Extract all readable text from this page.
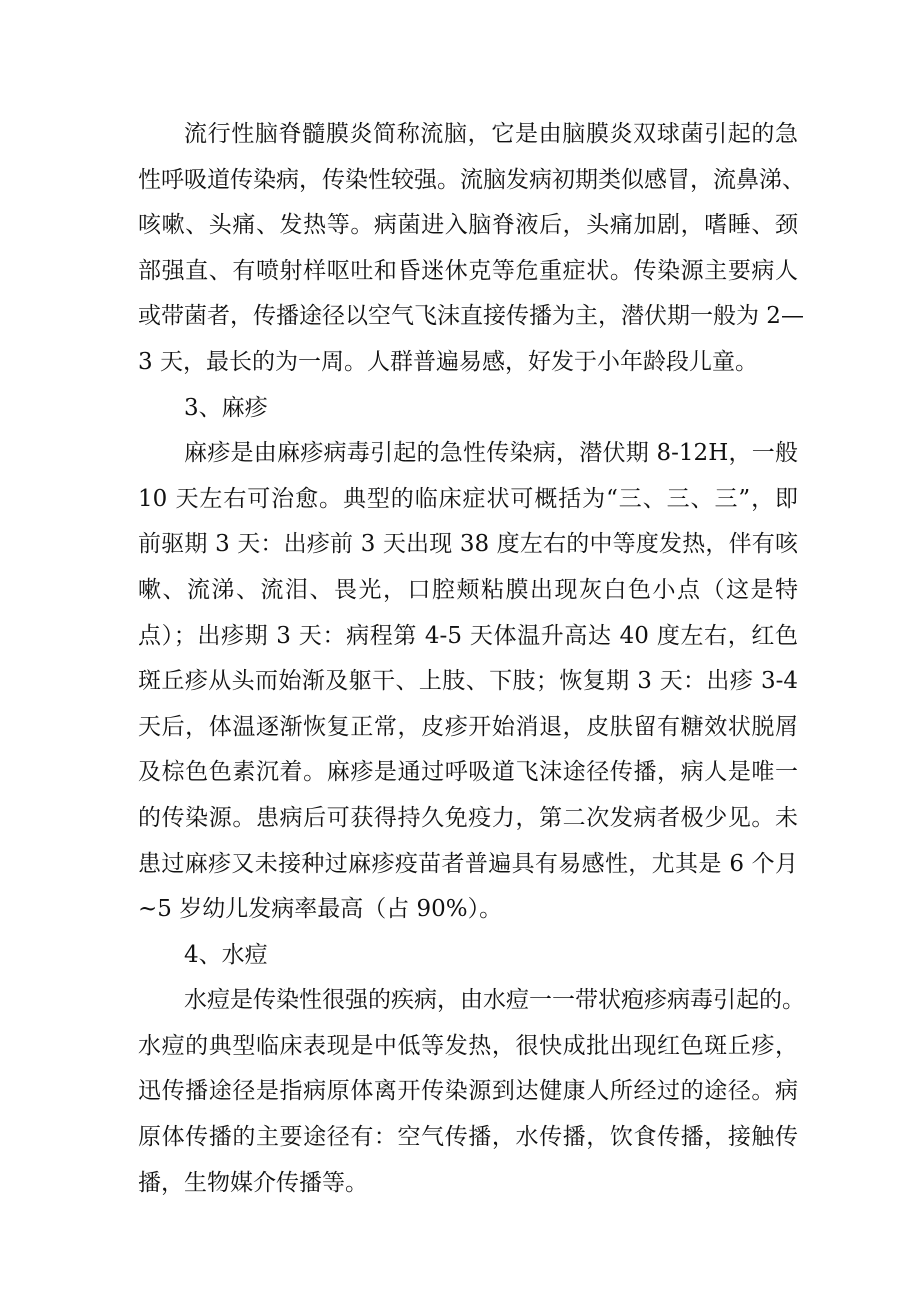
流行性脑脊髓膜炎简称流脑，它是由脑膜炎双球菌引起的急
性呼吸道传染病，传染性较强。流脑发病初期类似感冒，流鼻涕、
咳嗽、头痛、发热等。病菌进入脑脊液后，头痛加剧，嗜睡、颈
部强直、有喷射样呕吐和昏迷休克等危重症状。传染源主要病人
或带菌者，传播途径以空气飞沫直接传播为主，潜伏期一般为 2—
3 天，最长的为一周。人群普遍易感，好发于小年龄段儿童。
3、麻疹
麻疹是由麻疹病毒引起的急性传染病，潜伏期 8-12H，一般
10 天左右可治愈。典型的临床症状可概括为“三、三、三”，即
前驱期 3 天：出疹前 3 天出现 38 度左右的中等度发热，伴有咳
嗽、流涕、流泪、畏光，口腔颊粘膜出现灰白色小点（这是特
点）；出疹期 3 天：病程第 4-5 天体温升高达 40 度左右，红色
斑丘疹从头而始渐及躯干、上肢、下肢；恢复期 3 天：出疹 3-4
天后，体温逐渐恢复正常，皮疹开始消退，皮肤留有糖效状脱屑
及棕色色素沉着。麻疹是通过呼吸道飞沫途径传播，病人是唯一
的传染源。患病后可获得持久免疫力，第二次发病者极少见。未
患过麻疹又未接种过麻疹疫苗者普遍具有易感性，尤其是 6 个月
~5 岁幼儿发病率最高（占 90%）。
4、水痘
水痘是传染性很强的疾病，由水痘一一带状疱疹病毒引起的。
水痘的典型临床表现是中低等发热，很快成批出现红色斑丘疹，
迅传播途径是指病原体离开传染源到达健康人所经过的途径。病
原体传播的主要途径有：空气传播，水传播，饮食传播，接触传
播，生物媒介传播等。
